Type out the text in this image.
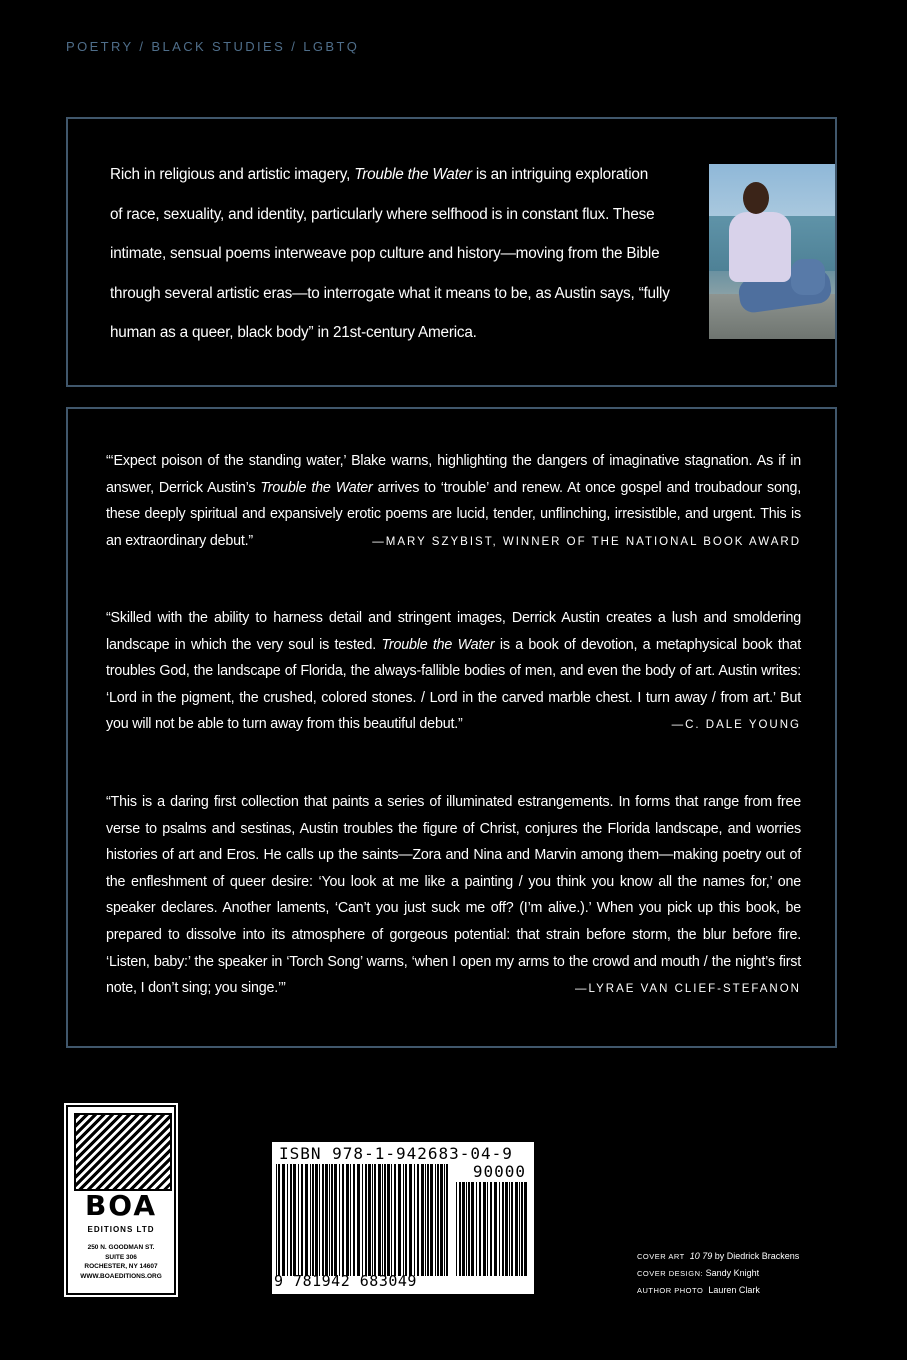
POETRY / BLACK STUDIES / LGBTQ
Rich in religious and artistic imagery, Trouble the Water is an intriguing exploration
of race, sexuality, and identity, particularly where selfhood is in constant flux. These
intimate, sensual poems interweave pop culture and history—moving from the Bible
through several artistic eras—to interrogate what it means to be, as Austin says, “fully
human as a queer, black body” in 21st-century America.
“‘Expect poison of the standing water,’ Blake warns, highlighting the dangers of imaginative stagnation. As if in answer, Derrick Austin’s Trouble the Water arrives to ‘trouble’ and renew. At once gospel and troubadour song, these deeply spiritual and expansively erotic poems are lucid, tender, unflinching, irresistible, and urgent. This is an extraordinary debut.”	—MARY SZYBIST, WINNER OF THE NATIONAL BOOK AWARD
“Skilled with the ability to harness detail and stringent images, Derrick Austin creates a lush and smoldering landscape in which the very soul is tested. Trouble the Water is a book of devotion, a metaphysical book that troubles God, the landscape of Florida, the always-fallible bodies of men, and even the body of art. Austin writes: ‘Lord in the pigment, the crushed, colored stones. / Lord in the carved marble chest. I turn away / from art.’ But you will not be able to turn away from this beautiful debut.”	—C. DALE YOUNG
“This is a daring first collection that paints a series of illuminated estrangements. In forms that range from free verse to psalms and sestinas, Austin troubles the figure of Christ, conjures the Florida landscape, and worries histories of art and Eros. He calls up the saints—Zora and Nina and Marvin among them—making poetry out of the enfleshment of queer desire: ‘You look at me like a painting / you think you know all the names for,’ one speaker declares. Another laments, ‘Can’t you just suck me off? (I’m alive.).’ When you pick up this book, be prepared to dissolve into its atmosphere of gorgeous potential: that strain before storm, the blur before fire. ‘Listen, baby:’ the speaker in ‘Torch Song’ warns, ‘when I open my arms to the crowd and mouth / the night’s first note, I don’t sing; you singe.’”	—LYRAE VAN CLIEF-STEFANON
BOA
EDITIONS LTD
250 N. GOODMAN ST.
SUITE 306
ROCHESTER, NY 14607
WWW.BOAEDITIONS.ORG
ISBN 978-1-942683-04-9
90000
9 781942 683049
COVER ART 10 79 by Diedrick Brackens
COVER DESIGN: Sandy Knight
AUTHOR PHOTO Lauren Clark
